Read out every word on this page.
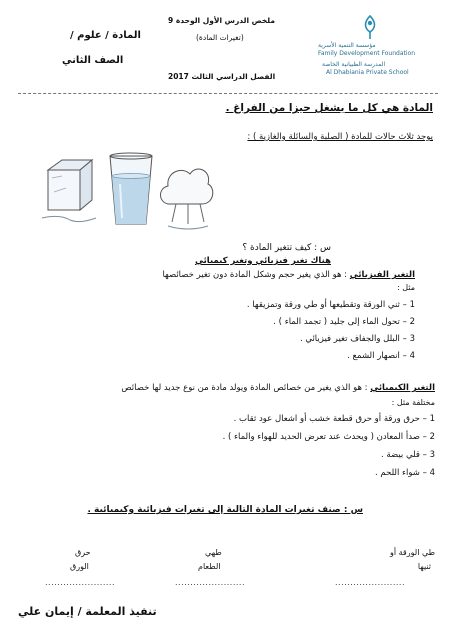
المادة / علوم /
الصف الثاني
ملخص الدرس الأول الوحدة 9
(تغيرات المادة)
الفصل الدراسي الثالث 2017
مؤسسة التنمية الأسرية
Family Development Foundation
المدرسة الظبيانية الخاصة
Al Dhabiania Private School
المادة هي كل ما يشغل حيزا من الفراغ .
يوجد ثلاث حالات للمادة ( الصلبة والسائلة والغازية ) :
س : كيف تتغير المادة ؟
هناك تغير فيزيائي وتغير كيميائي
التغير الفيزيائي : هو الذي يغير حجم وشكل المادة دون تغير خصائصها
مثل :
1 – ثني الورقة وتقطيعها أو طي ورقة وتمزيقها .
2 – تحول الماء إلى جليد ( تجمد الماء ) .
3 – البلل والجفاف تغير فيزيائي .
4 – انصهار الشمع .
التغير الكيميائي : هو الذي يغير من خصائص المادة ويولد مادة من نوع جديد لها خصائص
مختلفة مثل :
1 – حرق ورقة أو حرق قطعة خشب أو اشعال عود ثقاب .
2 – صدأ المعادن ( ويحدث عند تعرض الحديد للهواء والماء ) .
3 – قلي بيضة .
4 – شواء اللحم .
س : صنف تغيرات المادة التالية إلى تغيرات فيزيائية وكيميائية .
طي الورقة أو
ثنيها
.......................
طهي
الطعام
.......................
حرق
الورق
.......................
تنفيذ المعلمة / إيمان علي
